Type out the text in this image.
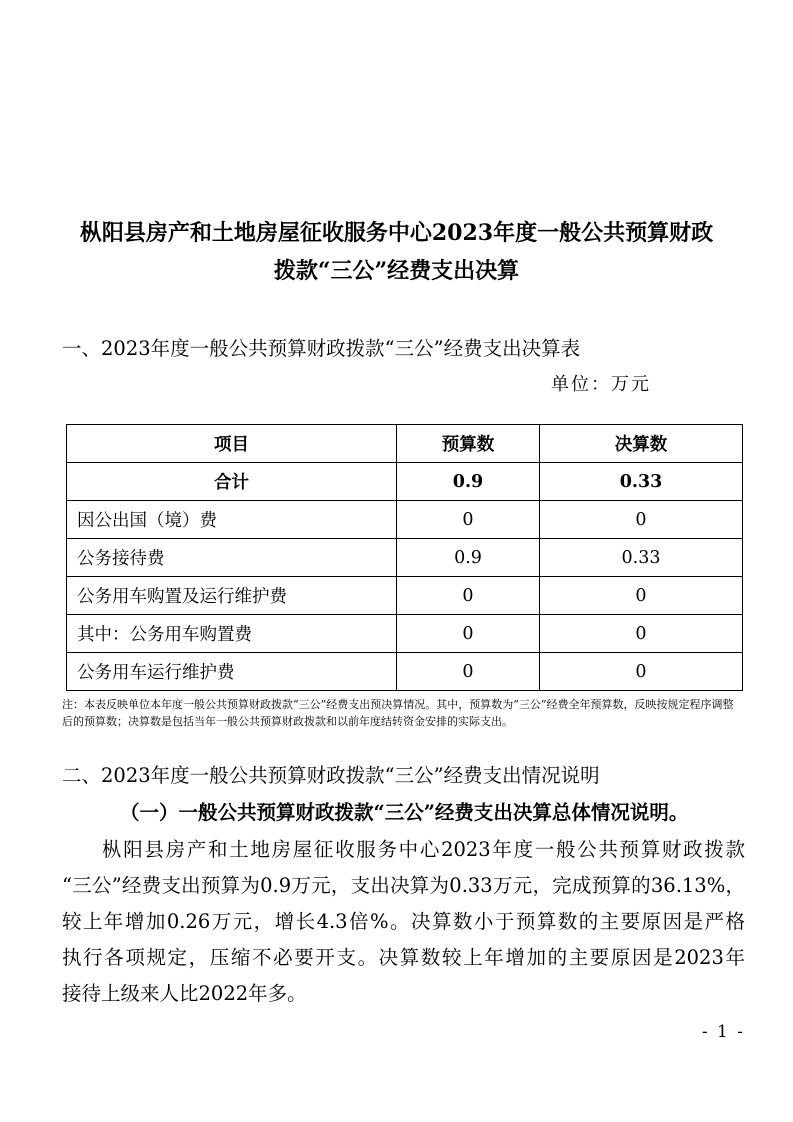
枞阳县房产和土地房屋征收服务中心2023年度一般公共预算财政
拨款“三公”经费支出决算
一、2023年度一般公共预算财政拨款“三公”经费支出决算表
单位：万元
项目	预算数	决算数
合计	0.9	0.33
因公出国（境）费	0	0
公务接待费	0.9	0.33
公务用车购置及运行维护费	0	0
其中：公务用车购置费	0	0
公务用车运行维护费	0	0
注：本表反映单位本年度一般公共预算财政拨款“三公”经费支出预决算情况。其中，预算数为“三公”经费全年预算数，反映按规定程序调整后的预算数；决算数是包括当年一般公共预算财政拨款和以前年度结转资金安排的实际支出。
二、2023年度一般公共预算财政拨款“三公”经费支出情况说明
（一）一般公共预算财政拨款“三公”经费支出决算总体情况说明。
枞阳县房产和土地房屋征收服务中心2023年度一般公共预算财政拨款
“三公”经费支出预算为0.9万元，支出决算为0.33万元，完成预算的36.13%，
较上年增加0.26万元，增长4.3倍%。决算数小于预算数的主要原因是严格
执行各项规定，压缩不必要开支。决算数较上年增加的主要原因是2023年
接待上级来人比2022年多。
- 1 -
